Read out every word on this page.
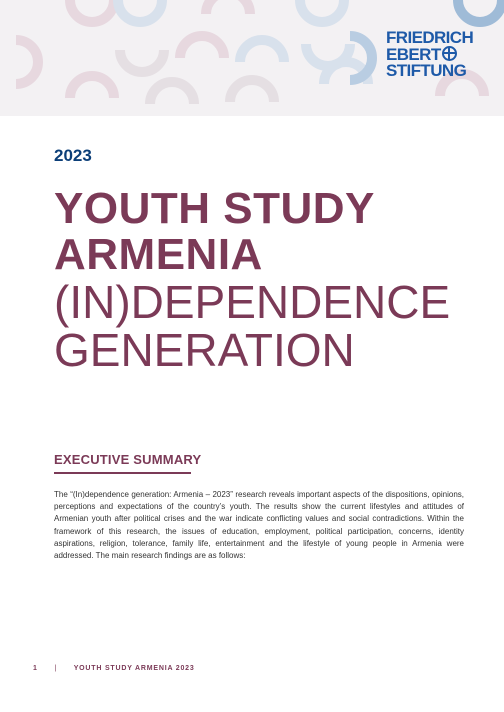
FRIEDRICH
EBERT
STIFTUNG
2023
YOUTH STUDY
ARMENIA
(IN)DEPENDENCE
GENERATION
EXECUTIVE SUMMARY
The “(In)dependence generation: Armenia – 2023” research reveals important aspects of the dispositions, opinions, perceptions and expectations of the country’s youth. The results show the current lifestyles and attitudes of Armenian youth after political crises and the war indicate conflicting values and social contradictions. Within the framework of this research, the issues of education, employment, political participation, concerns, identity aspirations, religion, tolerance, family life, entertainment and the lifestyle of young people in Armenia were addressed. The main research findings are as follows:
1 | YOUTH STUDY ARMENIA 2023
